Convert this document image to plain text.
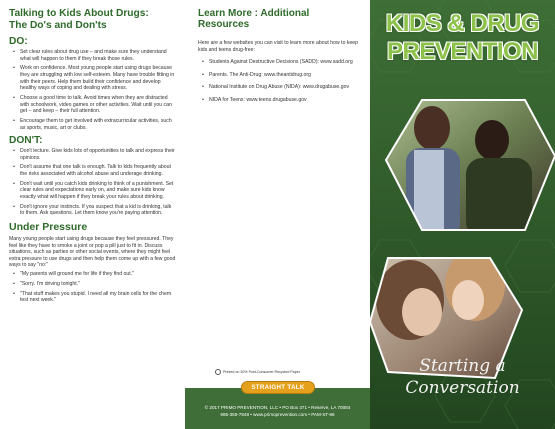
Talking to Kids About Drugs:
The Do's and Don'ts
DO:
• Set clear rules about drug use – and make sure they understand what will happen to them if they break those rules.
• Work on confidence. Most young people start using drugs because they are struggling with low self-esteem. Many have trouble fitting in with their peers. Help them build their confidence and develop healthy ways of coping and dealing with stress.
• Choose a good time to talk. Avoid times when they are distracted with schoolwork, video games or other activities. Wait until you can get – and keep – their full attention.
• Encourage them to get involved with extracurricular activities, such as sports, music, art or clubs.
DON'T:
• Don't lecture. Give kids lots of opportunities to talk and express their opinions.
• Don't assume that one talk is enough. Talk to kids frequently about the risks associated with alcohol abuse and underage drinking.
• Don't wait until you catch kids drinking to think of a punishment. Set clear rules and expectations early on, and make sure kids know exactly what will happen if they break your rules about drinking.
• Don't ignore your instincts. If you suspect that a kid is drinking, talk to them. Ask questions. Let them know you're paying attention.
Under Pressure

Many young people start using drugs because they feel pressured. They feel like they have to smoke a joint or pop a pill just to fit in. Discuss situations, such as parties or other social events, where they might feel extra pressure to use drugs and then help them come up with a few good ways to say "no:"

• "My parents will ground me for life if they find out."
• "Sorry. I'm driving tonight."
• "That stuff makes you stupid. I need all my brain cells for the chem test next week."
Learn More : Additional Resources

Here are a few websites you can visit to learn more about how to keep kids and teens drug-free:

• Students Against Destructive Decisions (SADD): www.sadd.org
• Parents. The Anti-Drug: www.theantidrug.org
• National Institute on Drug Abuse (NIDA): www.drugabuse.gov
• NIDA for Teens: www.teens.drugabuse.gov
Printed on 30% Post-Consumer Recycled Paper
© 2017 PRIMO PREVENTION, LLC • PO Box 371 • Reserve, LA 70084
985-359-7848 • www.primoprevention.com • PAM-ST-66
STRAIGHT TALK
KIDS & DRUG
PREVENTION
Starting a
Conversation
